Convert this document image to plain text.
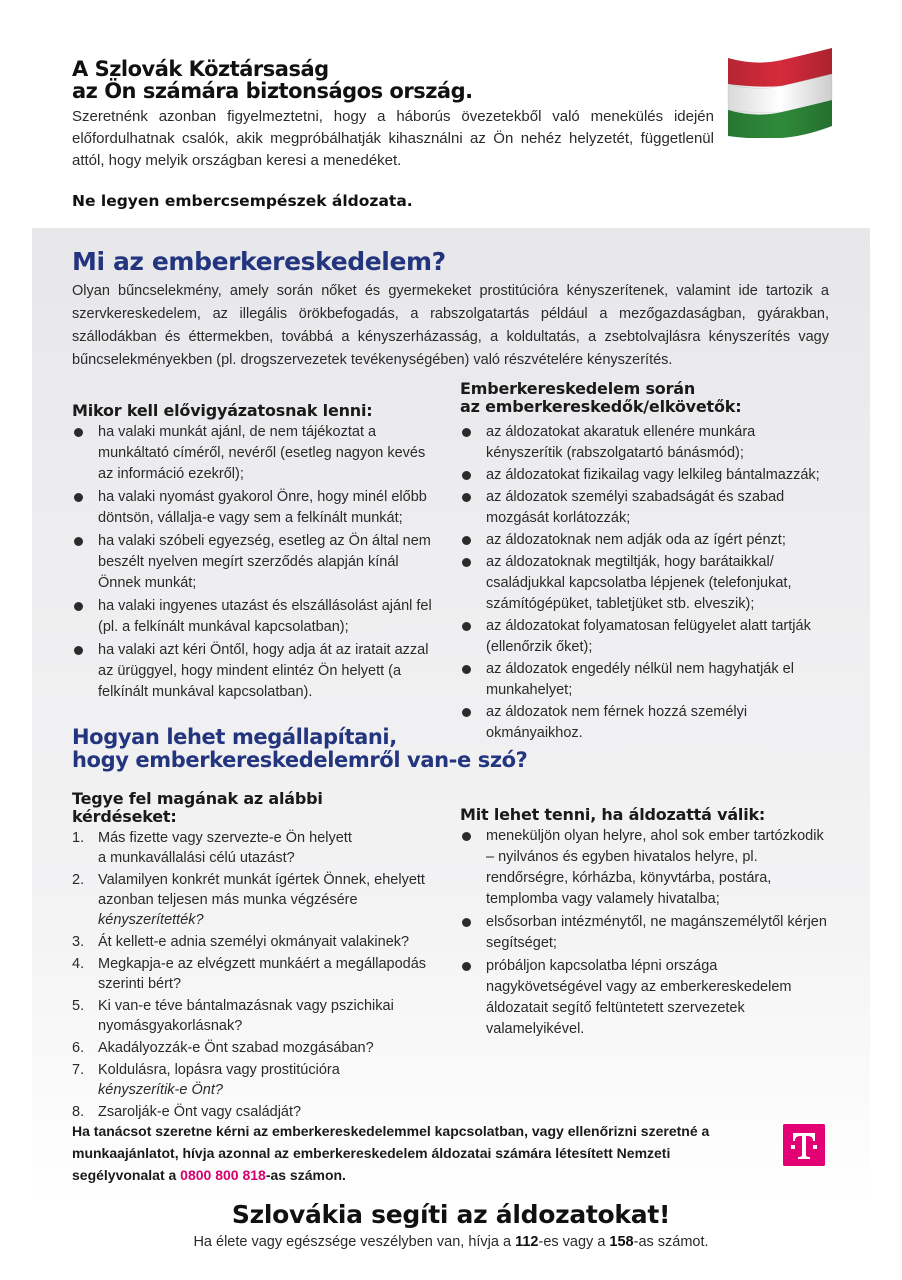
A Szlovák Köztársaság
az Ön számára biztonságos ország.

Szeretnénk azonban figyelmeztetni, hogy a háborús övezetekből való menekülés idején előfordulhatnak csalók, akik megpróbálhatják kihasználni az Ön nehéz helyzetét, függetlenül attól, hogy melyik országban keresi a menedéket.

Ne legyen embercsempészek áldozata.

Mi az emberkereskedelem?

Olyan bűncselekmény, amely során nőket és gyermekeket prostitúcióra kényszerítenek, valamint ide tartozik a szervkereskedelem, az illegális örökbefogadás, a rabszolgatartás például a mezőgazdaságban, gyárakban, szállodákban és éttermekben, továbbá a kényszerházasság, a koldultatás, a zsebtolvajlásra kényszerítés vagy bűncselekményekben (pl. drogszervezetek tevékenységében) való részvételére kényszerítés.

Mikor kell elővigyázatosnak lenni:
ha valaki munkát ajánl, de nem tájékoztat a munkáltató címéről, nevéről (esetleg nagyon kevés az információ ezekről);
ha valaki nyomást gyakorol Önre, hogy minél előbb döntsön, vállalja-e vagy sem a felkínált munkát;
ha valaki szóbeli egyezség, esetleg az Ön által nem beszélt nyelven megírt szerződés alapján kínál Önnek munkát;
ha valaki ingyenes utazást és elszállásolást ajánl fel (pl. a felkínált munkával kapcsolatban);
ha valaki azt kéri Öntől, hogy adja át az iratait azzal az ürüggyel, hogy mindent elintéz Ön helyett (a felkínált munkával kapcsolatban).
Emberkereskedelem során
az emberkereskedők/elkövetők:
az áldozatokat akaratuk ellenére munkára kényszerítik (rabszolgatartó bánásmód);
az áldozatokat fizikailag vagy lelkileg bántalmazzák;
az áldozatok személyi szabadságát és szabad mozgását korlátozzák;
az áldozatoknak nem adják oda az ígért pénzt;
az áldozatoknak megtiltják, hogy barátaikkal/ családjukkal kapcsolatba lépjenek (telefonjukat, számítógépüket, tabletjüket stb. elveszik);
az áldozatokat folyamatosan felügyelet alatt tartják (ellenőrzik őket);
az áldozatok engedély nélkül nem hagyhatják el munkahelyet;
az áldozatok nem férnek hozzá személyi okmányaikhoz.
Hogyan lehet megállapítani,
hogy emberkereskedelemről van-e szó?
Tegye fel magának az alábbi
kérdéseket:
1. Más fizette vagy szervezte-e Ön helyett
a munkavállalási célú utazást?
2. Valamilyen konkrét munkát ígértek Önnek, ehelyett azonban teljesen más munka végzésére kényszerítették?
3. Át kellett-e adnia személyi okmányait valakinek?
4. Megkapja-e az elvégzett munkáért a megállapodás szerinti bért?
5. Ki van-e téve bántalmazásnak vagy pszichikai
nyomásgyakorlásnak?
6. Akadályozzák-e Önt szabad mozgásában?
7. Koldulásra, lopásra vagy prostitúcióra
kényszerítik-e Önt?
8. Zsarolják-e Önt vagy családját?
Mit lehet tenni, ha áldozattá válik:
meneküljön olyan helyre, ahol sok ember tartózkodik – nyilvános és egyben hivatalos helyre, pl. rendőrségre, kórházba, könyvtárba, postára, templomba vagy valamely hivatalba;
elsősorban intézménytől, ne magánszemélytől kérjen segítséget;
próbáljon kapcsolatba lépni országa nagykövetségével vagy az emberkereskedelem áldozatait segítő feltüntetett szervezetek valamelyikével.

Ha tanácsot szeretne kérni az emberkereskedelemmel kapcsolatban, vagy ellenőrizni szeretné a munkaajánlatot, hívja azonnal az emberkereskedelem áldozatai számára létesített Nemzeti segélyvonalat a 0800 800 818-as számon.

Szlovákia segíti az áldozatokat!

Ha élete vagy egészsége veszélyben van, hívja a 112-es vagy a 158-as számot.
